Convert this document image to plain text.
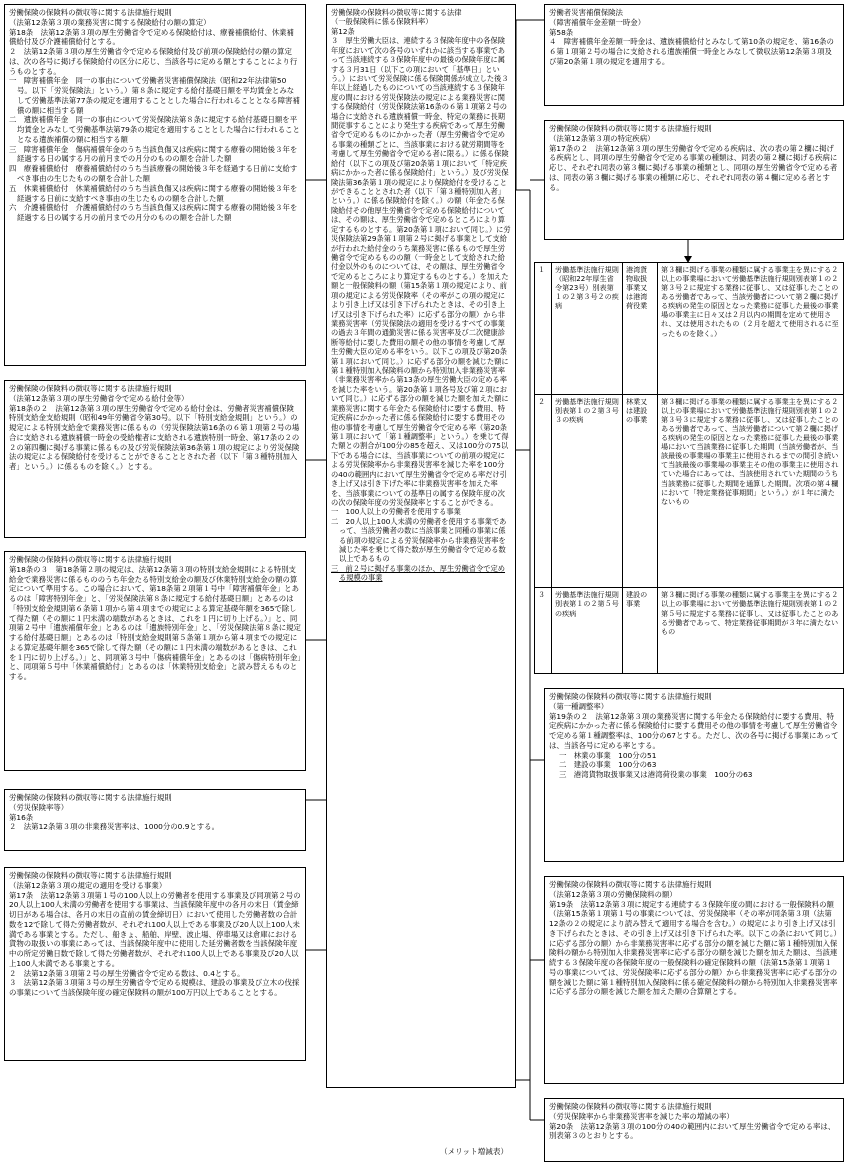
労働保険の保険料の徴収等に関する法律施行規則
（法第12条第３項の業務災害に関する保険給付の額の算定）

第18条　法第12条第３項の厚生労働省令で定める保険給付は、療養補償給付、休業補償給付及び介護補償給付とする。

２　法第12条第３項の厚生労働省令で定める保険給付及び前項の保険給付の額の算定は、次の各号に掲げる保険給付の区分に応じ、当該各号に定める額とすることにより行うものとする。

一　障害補償年金　同一の事由について労働者災害補償保険法（昭和22年法律第50号。以下「労災保険法」という。）第８条に規定する給付基礎日額を平均賃金とみなして労働基準法第77条の規定を適用することとした場合に行われることとなる障害補償の額に相当する額

二　遺族補償年金　同一の事由について労災保険法第８条に規定する給付基礎日額を平均賃金とみなして労働基準法第79条の規定を適用することとした場合に行われることとなる遺族補償の額に相当する額

三　障害補償年金　傷病補償年金のうち当該負傷又は疾病に関する療養の開始後３年を経過する日の属する月の前月までの月分のものの額を合計した額

四　療養補償給付　療養補償給付のうち当該療養の開始後３年を経過する日前に支給すべき事由の生じたものの額を合計した額

五　休業補償給付　休業補償給付のうち当該負傷又は疾病に関する療養の開始後３年を経過する日前に支給すべき事由の生じたものの額を合計した額

六　介護補償給付　介護補償給付のうち当該負傷又は疾病に関する療養の開始後３年を経過する日の属する月の前月までの月分のものの額を合計した額

労働保険の保険料の徴収等に関する法律施行規則
（法第12条第３項の厚生労働省令で定める給付金等）

第18条の２　法第12条第３項の厚生労働省令で定める給付金は、労働者災害補償保険特別支給金支給規則（昭和49年労働省令第30号。以下「特別支給金規則」という。）の規定による特別支給金で業務災害に係るもの（労災保険法第16条の６第１項第２号の場合に支給される遺族補償一時金の受給権者に支給される遺族特別一時金、第17条の２の２の第四欄に掲げる事業に係るもの及び労災保険法第36条第１項の規定により労災保険法の規定による保険給付を受けることができることとされた者（以下「第３種特別加入者」という。）に係るものを除く。）とする。

労働保険の保険料の徴収等に関する法律施行規則

第18条の３　第18条第２項の規定は、法第12条第３項の特別支給金規則による特別支給金で業務災害に係るもののうち年金たる特別支給金の額及び休業特別支給金の額の算定について準用する。この場合において、第18条第２項第１号中「障害補償年金」とあるのは「障害特別年金」と、「労災保険法第８条に規定する給付基礎日額」とあるのは「特別支給金規則第６条第１項から第４項までの規定による算定基礎年額を365で除して得た額（その額に１円未満の端数があるときは、これを１円に切り上げる。）」と、同項第２号中「遺族補償年金」とあるのは「遺族特別年金」と、「労災保険法第８条に規定する給付基礎日額」とあるのは「特別支給金規則第５条第１項から第４項までの規定による算定基礎年額を365で除して得た額（その額に１円未満の端数があるときは、これを１円に切り上げる。）」と、同項第３号中「傷病補償年金」とあるのは「傷病特別年金」と、同項第５号中「休業補償給付」とあるのは「休業特別支給金」と読み替えるものとする。

労働保険の保険料の徴収等に関する法律施行規則
（労災保険率等）

第16条

２　法第12条第３項の非業務災害率は、1000分の0.9とする。

労働保険の保険料の徴収等に関する法律施行規則
（法第12条第３項の規定の適用を受ける事業）

第17条　法第12条第３項第１号の100人以上の労働者を使用する事業及び同項第２号の20人以上100人未満の労働者を使用する事業は、当該保険年度中の各月の末日（賃金締切日がある場合は、各月の末日の直前の賃金締切日）において使用した労働者数の合計数を12で除して得た労働者数が、それぞれ100人以上である事業及び20人以上100人未満である事業とする。ただし、船きょ、船舶、岸壁、波止場、停車場又は倉庫における貨物の取扱いの事業にあっては、当該保険年度中に使用した延労働者数を当該保険年度中の所定労働日数で除して得た労働者数が、それぞれ100人以上である事業及び20人以上100人未満である事業とする。

２　法第12条第３項第２号の厚生労働省令で定める数は、0.4とする。

３　法第12条第３項第３号の厚生労働省令で定める規模は、建設の事業及び立木の伐採の事業について当該保険年度の確定保険料の額が100万円以上であることとする。

労働保険の保険料の徴収等に関する法律
（一般保険料に係る保険料率）
第12条

３　厚生労働大臣は、連続する３保険年度中の各保険年度において次の各号のいずれかに該当する事業であって当該連続する３保険年度中の最後の保険年度に属する３月31日（以下この項において「基準日」という。）において労災保険に係る保険関係が成立した後３年以上経過したものについての当該連続する３保険年度の間における労災保険法の規定による業務災害に関する保険給付（労災保険法第16条の６第１項第２号の場合に支給される遺族補償一時金、特定の業務に長期間従事することにより発生する疾病であって厚生労働省令で定めるものにかかった者（厚生労働省令で定める事業の種類ごとに、当該事業における就労期間等を考慮して厚生労働省令で定める者に限る。）に係る保険給付（以下この項及び第20条第１項において「特定疾病にかかった者に係る保険給付」という。）及び労災保険法第36条第１項の規定により保険給付を受けることができることとされた者（以下「第３種特別加入者」という。）に係る保険給付を除く。）の額（年金たる保険給付その他厚生労働省令で定める保険給付については、その額は、厚生労働省令で定めるところにより算定するものとする。第20条第１項において同じ。）に労災保険法第29条第１項第２号に掲げる事業として支給が行われた給付金のうち業務災害に係るもので厚生労働省令で定めるものの額（一時金として支給された給付金以外のものについては、その額は、厚生労働省令で定めるところにより算定するものとする。）を加えた額と一般保険料の額（第15条第１項の規定により、前項の規定による労災保険率（その率がこの項の規定により引き上げ又は引き下げられたときは、その引き上げ又は引き下げられた率）に応ずる部分の額）から非業務災害率（労災保険法の適用を受けるすべての事業の過去３年間の通勤災害に係る災害率及び二次健康診断等給付に要した費用の額その他の事情を考慮して厚生労働大臣の定める率をいう。以下この項及び第20条第１項において同じ。）に応ずる部分の額を減じた額に第１種特別加入保険料の額から特別加入非業務災害率（非業務災害率から第13条の厚生労働大臣の定める率を減じた率をいう。第20条第１項各号及び第２項において同じ。）に応ずる部分の額を減じた額を加えた額に業務災害に関する年金たる保険給付に要する費用、特定疾病にかかった者に係る保険給付に要する費用その他の事情を考慮して厚生労働省令で定める率（第20条第１項において「第１種調整率」という。）を乗じて得た額との割合が100分の85を超え、又は100分の75以下である場合には、当該事業についての前項の規定による労災保険率から非業務災害率を減じた率を100分の40の範囲内において厚生労働省令で定める率だけ引き上げ又は引き下げた率に非業務災害率を加えた率を、当該事業についての基準日の属する保険年度の次の次の保険年度の労災保険率とすることができる。

一　100人以上の労働者を使用する事業

二　20人以上100人未満の労働者を使用する事業であって、当該労働者の数に当該事業と同種の事業に係る前項の規定による労災保険率から非業務災害率を減じた率を乗じて得た数が厚生労働省令で定める数以上であるもの

三　前２号に掲げる事業のほか、厚生労働省令で定める規模の事業

（メリット増減表）
労働者災害補償保険法
（障害補償年金差額一時金）
第58条

４　障害補償年金差額一時金は、遺族補償給付とみなして第10条の規定を、第16条の６第１項第２号の場合に支給される遺族補償一時金とみなして徴収法第12条第３項及び第20条第１項の規定を適用する。

労働保険の保険料の徴収等に関する法律施行規則
（法第12条第３項の特定疾病）

第17条の２　法第12条第３項の厚生労働省令で定める疾病は、次の表の第２欄に掲げる疾病とし、同項の厚生労働省令で定める事業の種類は、同表の第２欄に掲げる疾病に応じ、それぞれ同表の第３欄に掲げる事業の種類とし、同項の厚生労働省令で定める者は、同表の第３欄に掲げる事業の種類に応じ、それぞれ同表の第４欄に定める者とする。

１	労働基準法施行規則（昭和22年厚生省令第23号）別表第１の２第３号２の疾病	港湾貨物取扱事業又は港湾荷役業	第３欄に掲げる事業の種類に属する事業主を異にする２以上の事業場において労働基準法施行規則別表第１の２第３号２に規定する業務に従事し、又は従事したことのある労働者であって、当該労働者について第２欄に掲げる疾病の発生の原因となった業務に従事した最後の事業場の事業主に日々又は２月以内の期間を定めて使用され、又は使用されたもの（２月を超えて使用されるに至ったものを除く。）
２	労働基準法施行規則別表第１の２第３号３の疾病	林業又は建設の事業	第３欄に掲げる事業の種類に属する事業主を異にする２以上の事業場において労働基準法施行規則別表第１の２第３号３に規定する業務に従事し、又は従事したことのある労働者であって、当該労働者について第２欄に掲げる疾病の発生の原因となった業務に従事した最後の事業場において当該業務に従事した期間（当該労働者が、当該最後の事業場の事業主に使用されるまでの間引き続いて当該最後の事業場の事業主その他の事業主に使用されていた場合にあっては、当該使用されていた期間のうち当該業務に従事した期間を通算した期間。次項の第４欄において「特定業務従事期間」という。）が１年に満たないもの
３	労働基準法施行規則別表第１の２第５号の疾病	建設の事業	第３欄に掲げる事業の種類に属する事業主を異にする２以上の事業場において労働基準法施行規則別表第１の２第５号に規定する業務に従事し、又は従事したことのある労働者であって、特定業務従事期間が３年に満たないもの
労働保険の保険料の徴収等に関する法律施行規則
（第一種調整率）

第19条の２　法第12条第３項の業務災害に関する年金たる保険給付に要する費用、特定疾病にかかった者に係る保険給付に要する費用その他の事情を考慮して厚生労働省令で定める第１種調整率は、100分の67とする。ただし、次の各号に掲げる事業にあっては、当該各号に定める率とする。

一　林業の事業　100分の51

二　建設の事業　100分の63

三　港湾貨物取扱事業又は港湾荷役業の事業　100分の63

労働保険の保険料の徴収等に関する法律施行規則
（法第12条第３項の労働保険料の額）

第19条　法第12条第３項に規定する連続する３保険年度の間における一般保険料の額（法第15条第１項第１号の事業については、労災保険率（その率が同条第３項（法第12条の２の規定により読み替えて適用する場合を含む。）の規定により引き上げ又は引き下げられたときは、その引き上げ又は引き下げられた率。以下この条において同じ。）に応ずる部分の額）から非業務災害率に応ずる部分の額を減じた額に第１種特別加入保険料の額から特別加入非業務災害率に応ずる部分の額を減じた額を加えた額は、当該連続する３保険年度の各保険年度の一般保険料の確定保険料の額（法第15条第１項第１号の事業については、労災保険率に応ずる部分の額）から非業務災害率に応ずる部分の額を減じた額に第１種特別加入保険料に係る確定保険料の額から特別加入非業務災害率に応ずる部分の額を減じた額を加えた額の合算額とする。

労働保険の保険料の徴収等に関する法律施行規則
（労災保険率から非業務災害率を減じた率の増減の率）

第20条　法第12条第３項の100分の40の範囲内において厚生労働省令で定める率は、別表第３のとおりとする。
